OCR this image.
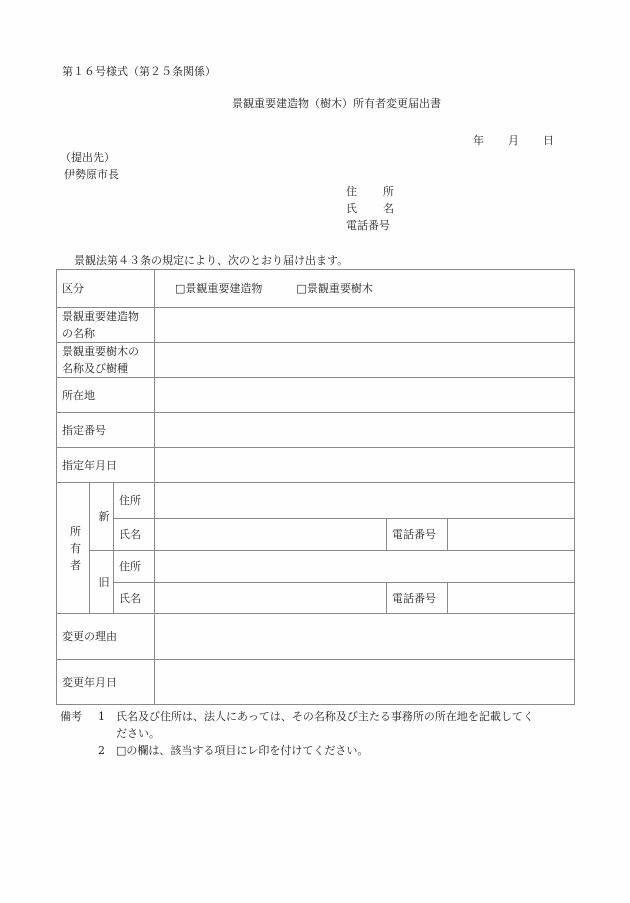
第１６号様式（第２５条関係）
景観重要建造物（樹木）所有者変更届出書
年 月 日
（提出先）
伊勢原市長
住 所
氏 名
電話番号
景観法第４３条の規定により、次のとおり届け出ます。
区分			□景観重要建造物 □景観重要樹木		

景観重要建造物
の名称					

景観重要樹木の
名称及び樹種					

所在地					
指定番号					
指定年月日					

所
有
者	新	住所			
		氏名		電話番号	
	旧	住所			
		氏名		電話番号	
変更の理由					
変更年月日					
備考	1	氏名及び住所は、法人にあっては、その名称及び主たる事務所の所在地を記載してく
ださい。
2	□の欄は、該当する項目にレ印を付けてください。
